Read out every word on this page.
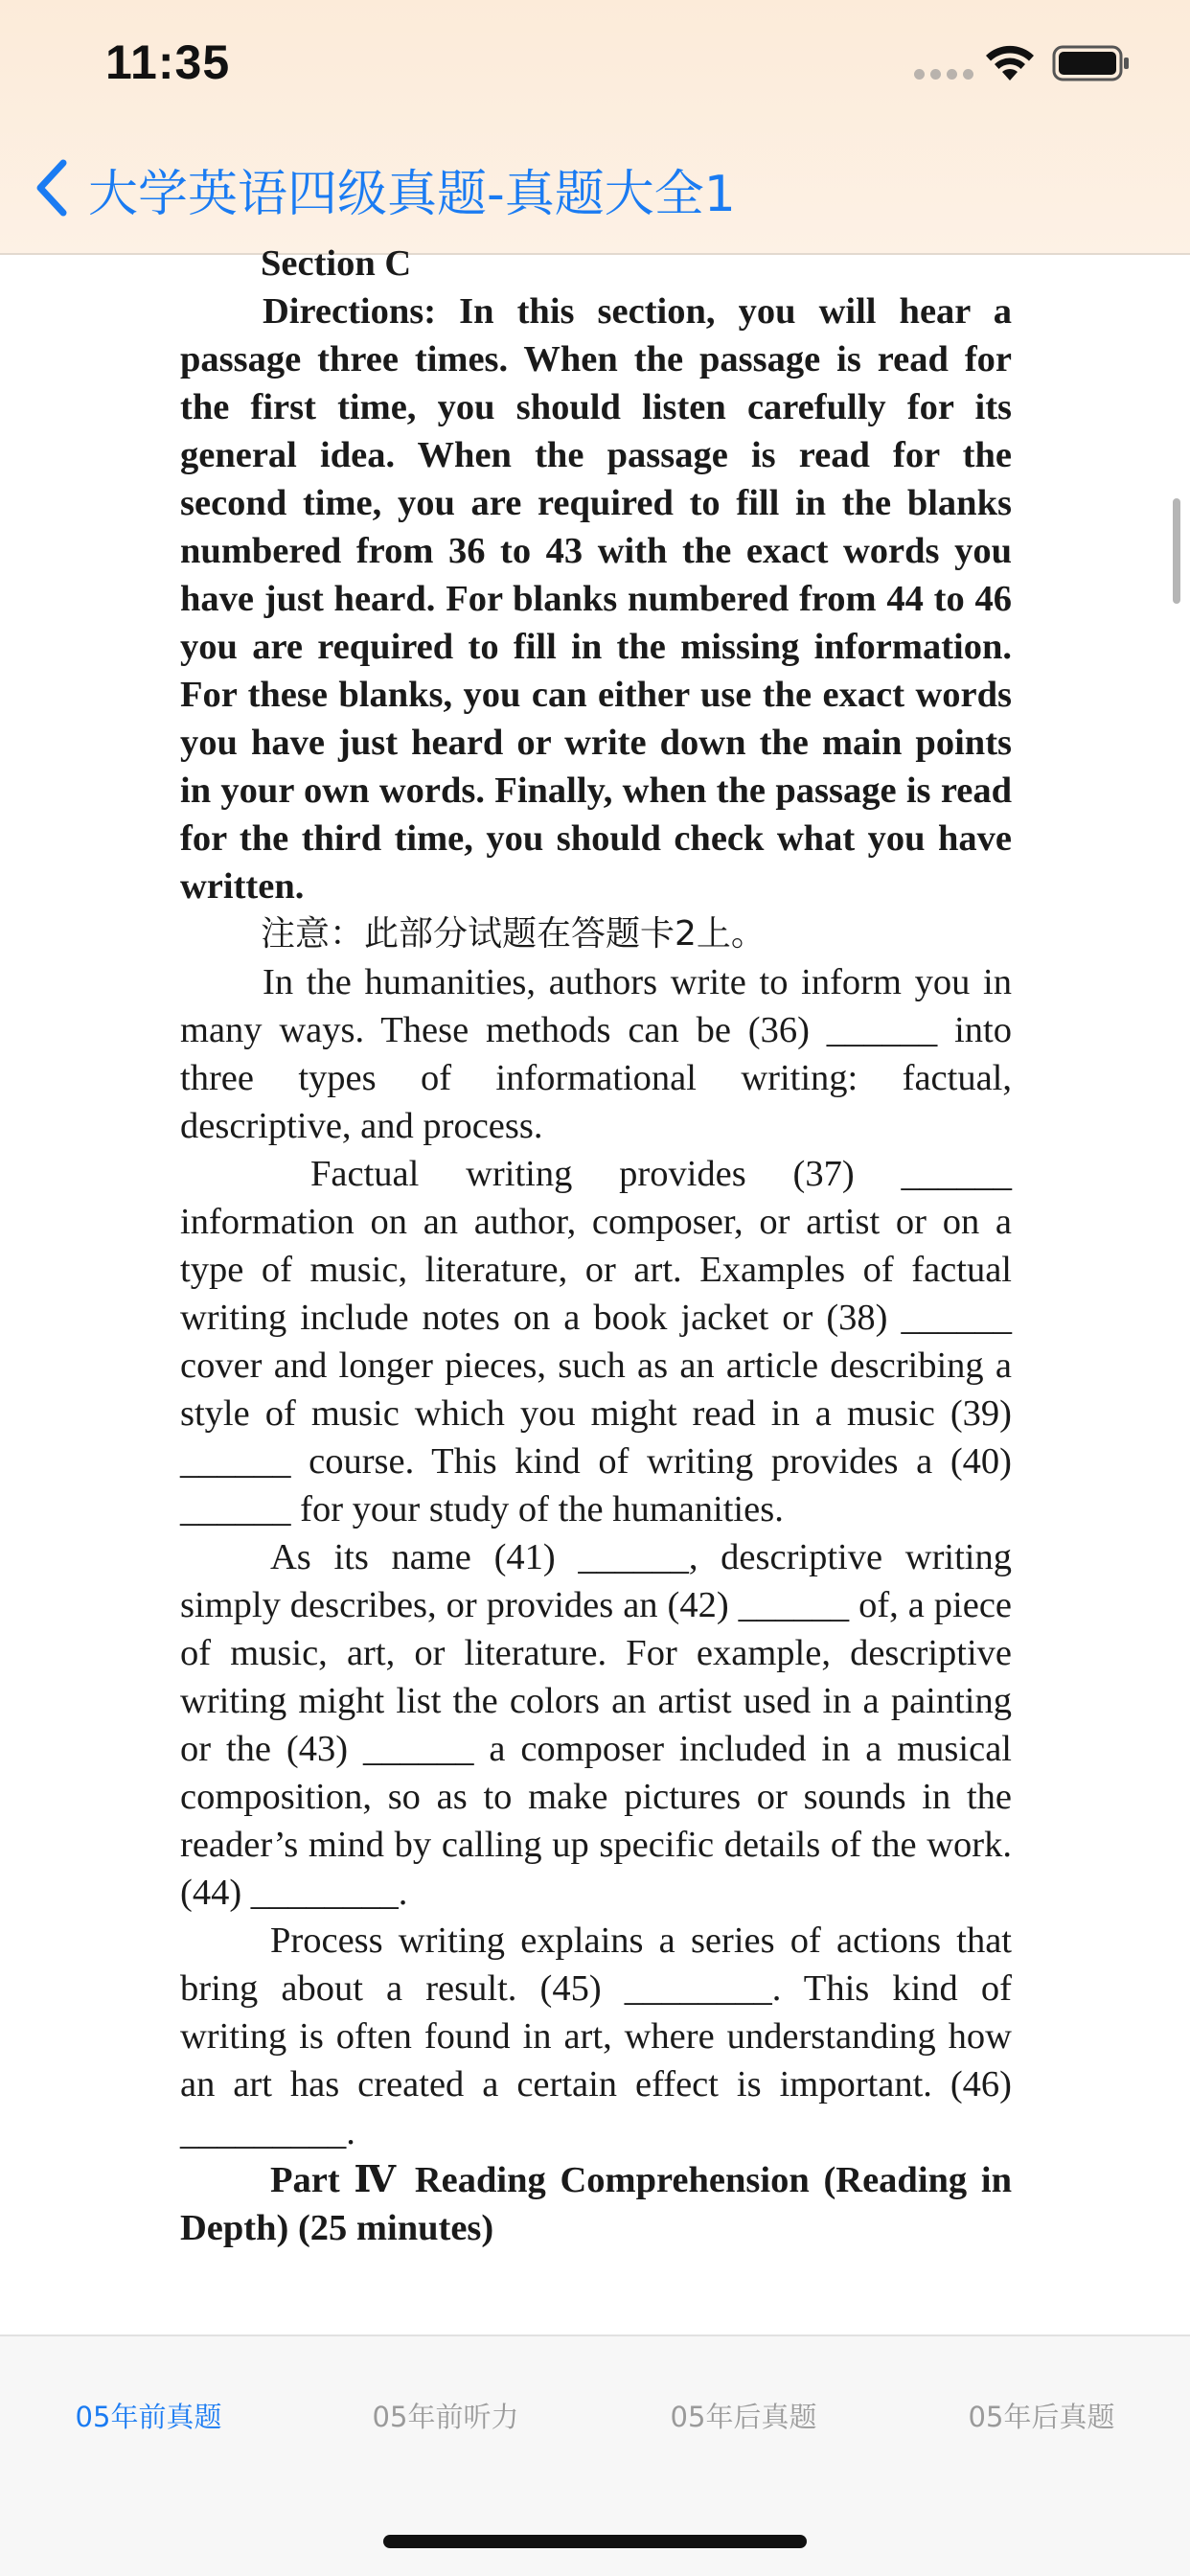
11:35
大学英语四级真题-真题大全1

Section C

Directions: In this section, you will hear a passage three times. When the passage is read for the first time, you should listen carefully for its general idea. When the passage is read for the second time, you are required to fill in the blanks numbered from 36 to 43 with the exact words you have just heard. For blanks numbered from 44 to 46 you are required to fill in the missing information. For these blanks, you can either use the exact words you have just heard or write down the main points in your own words. Finally, when the passage is read for the third time, you should check what you have written.

注意：此部分试题在答题卡2上。

In the humanities, authors write to inform you in many ways. These methods can be (36) ______ into three types of informational writing: factual, descriptive, and process.

Factual writing provides (37) ______ information on an author, composer, or artist or on a type of music, literature, or art. Examples of factual writing include notes on a book jacket or (38) ______ cover and longer pieces, such as an article describing a style of music which you might read in a music (39) ______ course. This kind of writing provides a (40) ______ for your study of the humanities.

As its name (41) ______, descriptive writing simply describes, or provides an (42) ______ of, a piece of music, art, or literature. For example, descriptive writing might list the colors an artist used in a painting or the (43) ______ a composer included in a musical composition, so as to make pictures or sounds in the reader’s mind by calling up specific details of the work. (44) ________.

Process writing explains a series of actions that bring about a result. (45) ________. This kind of writing is often found in art, where understanding how an art has created a certain effect is important. (46) _________.

Part Ⅳ Reading Comprehension (Reading in Depth) (25 minutes)

05年前真题	05年前听力	05年后真题	05年后真题
